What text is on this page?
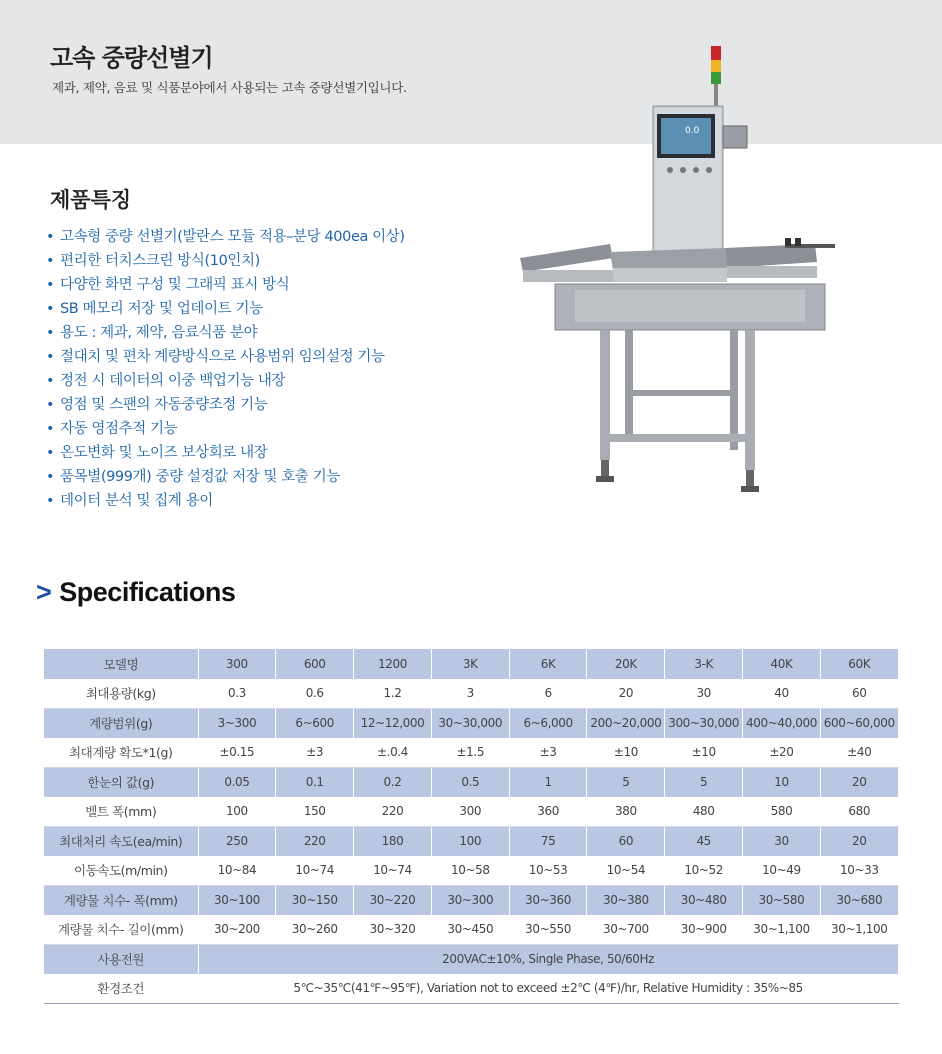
고속 중량선별기

제과, 제약, 음료 및 식품분야에서 사용되는 고속 중량선별기입니다.

제품특징
• 고속형 중량 선별기(발란스 모듈 적용–분당 400ea 이상)
• 편리한 터치스크린 방식(10인치)
• 다양한 화면 구성 및 그래픽 표시 방식
• SB 메모리 저장 및 업데이트 기능
• 용도 : 제과, 제약, 음료식품 분야
• 절대치 및 편차 계량방식으로 사용범위 임의설정 기능
• 정전 시 데이터의 이중 백업기능 내장
• 영점 및 스팬의 자동중량조정 기능
• 자동 영점추적 기능
• 온도변화 및 노이즈 보상회로 내장
• 품목별(999개) 중량 설정값 저장 및 호출 기능
• 데이터 분석 및 집계 용이
0.0
> Specifications
모델명	300	600	1200	3K	6K	20K	3-K	40K	60K
최대용량(kg)	0.3	0.6	1.2	3	6	20	30	40	60
계량범위(g)	3~300	6~600	12~12,000	30~30,000	6~6,000	200~20,000	300~30,000	400~40,000	600~60,000
최대계량 확도*1(g)	±0.15	±3	±.0.4	±1.5	±3	±10	±10	±20	±40
한눈의 값(g)	0.05	0.1	0.2	0.5	1	5	5	10	20
벨트 폭(mm)	100	150	220	300	360	380	480	580	680
최대처리 속도(ea/min)	250	220	180	100	75	60	45	30	20
이동속도(m/min)	10~84	10~74	10~74	10~58	10~53	10~54	10~52	10~49	10~33
계량물 치수- 폭(mm)	30~100	30~150	30~220	30~300	30~360	30~380	30~480	30~580	30~680
계량물 치수- 길이(mm)	30~200	30~260	30~320	30~450	30~550	30~700	30~900	30~1,100	30~1,100
사용전원	200VAC±10%, Single Phase, 50/60Hz								
환경조건	5℃~35℃(41℉~95℉), Variation not to exceed ±2℃ (4℉)/hr, Relative Humidity : 35%~85								
